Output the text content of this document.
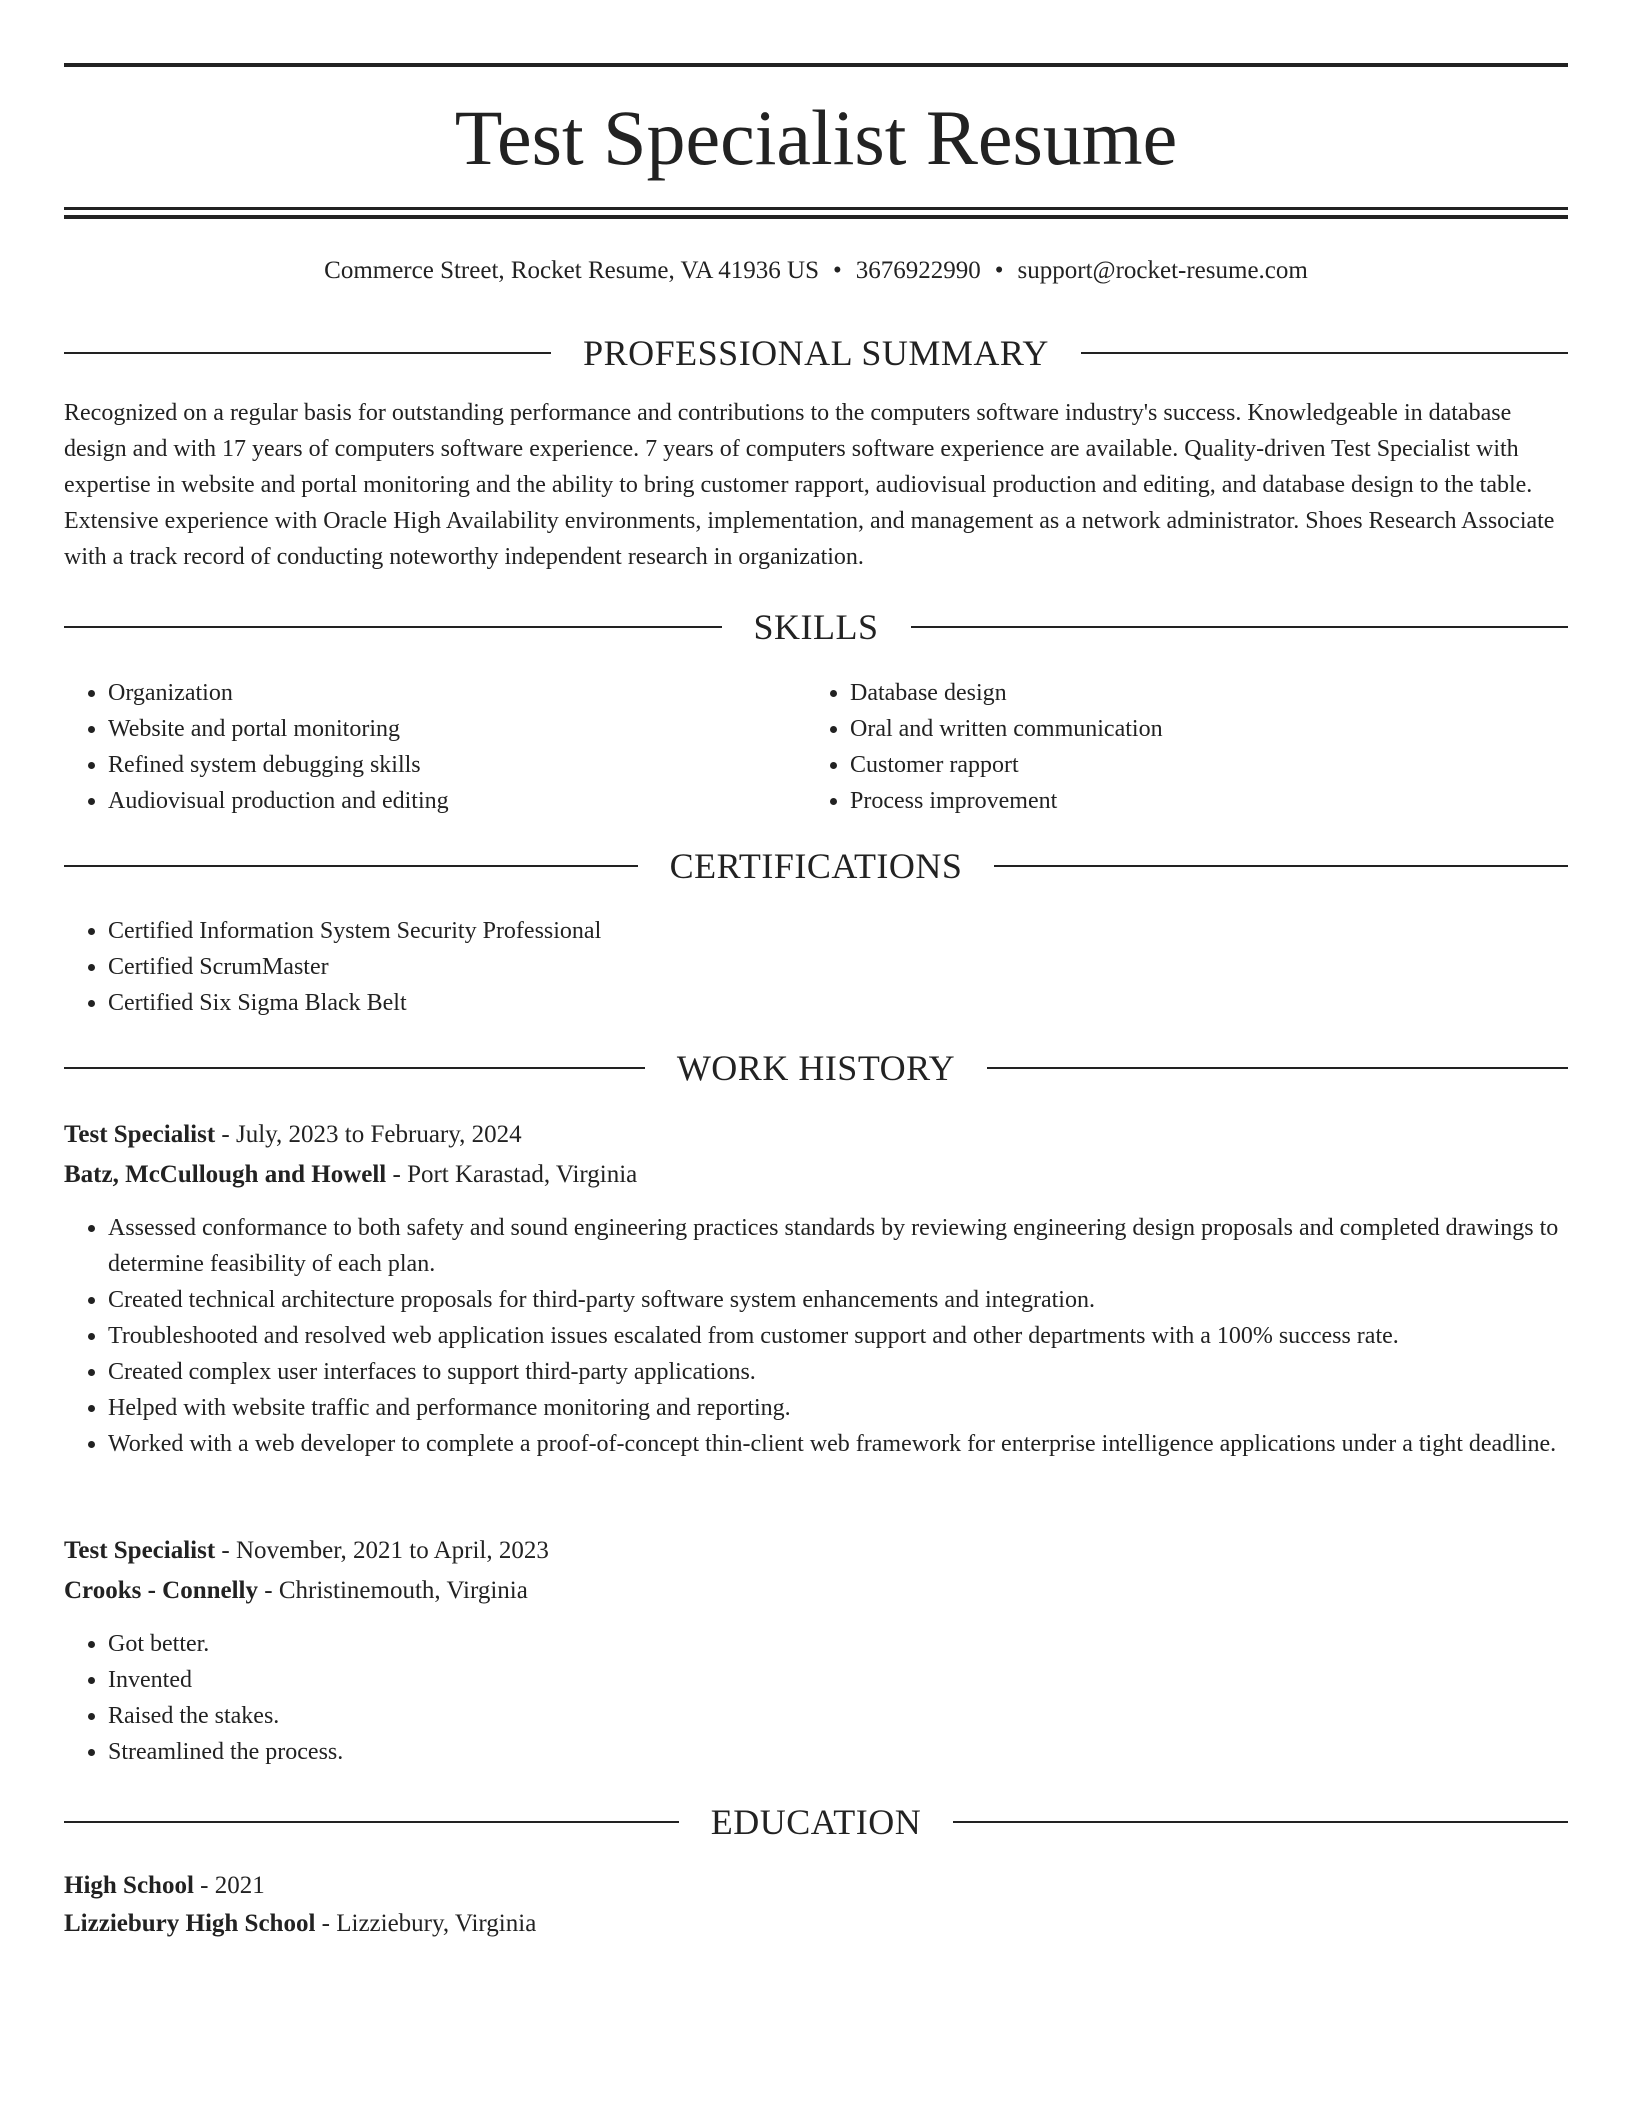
Test Specialist Resume
Commerce Street, Rocket Resume, VA 41936 US • 3676922990 • support@rocket-resume.com
PROFESSIONAL SUMMARY

Recognized on a regular basis for outstanding performance and contributions to the computers software industry's success. Knowledgeable in database design and with 17 years of computers software experience. 7 years of computers software experience are available. Quality-driven Test Specialist with expertise in website and portal monitoring and the ability to bring customer rapport, audiovisual production and editing, and database design to the table. Extensive experience with Oracle High Availability environments, implementation, and management as a network administrator. Shoes Research Associate with a track record of conducting noteworthy independent research in organization.

SKILLS
• Organization
• Website and portal monitoring
• Refined system debugging skills
• Audiovisual production and editing
• Database design
• Oral and written communication
• Customer rapport
• Process improvement
CERTIFICATIONS
• Certified Information System Security Professional
• Certified ScrumMaster
• Certified Six Sigma Black Belt
WORK HISTORY
Test Specialist - July, 2023 to February, 2024
Batz, McCullough and Howell - Port Karastad, Virginia
• Assessed conformance to both safety and sound engineering practices standards by reviewing engineering design proposals and completed drawings to determine feasibility of each plan.
• Created technical architecture proposals for third-party software system enhancements and integration.
• Troubleshooted and resolved web application issues escalated from customer support and other departments with a 100% success rate.
• Created complex user interfaces to support third-party applications.
• Helped with website traffic and performance monitoring and reporting.
• Worked with a web developer to complete a proof-of-concept thin-client web framework for enterprise intelligence applications under a tight deadline.
Test Specialist - November, 2021 to April, 2023
Crooks - Connelly - Christinemouth, Virginia
• Got better.
• Invented
• Raised the stakes.
• Streamlined the process.
EDUCATION
High School - 2021
Lizziebury High School - Lizziebury, Virginia
